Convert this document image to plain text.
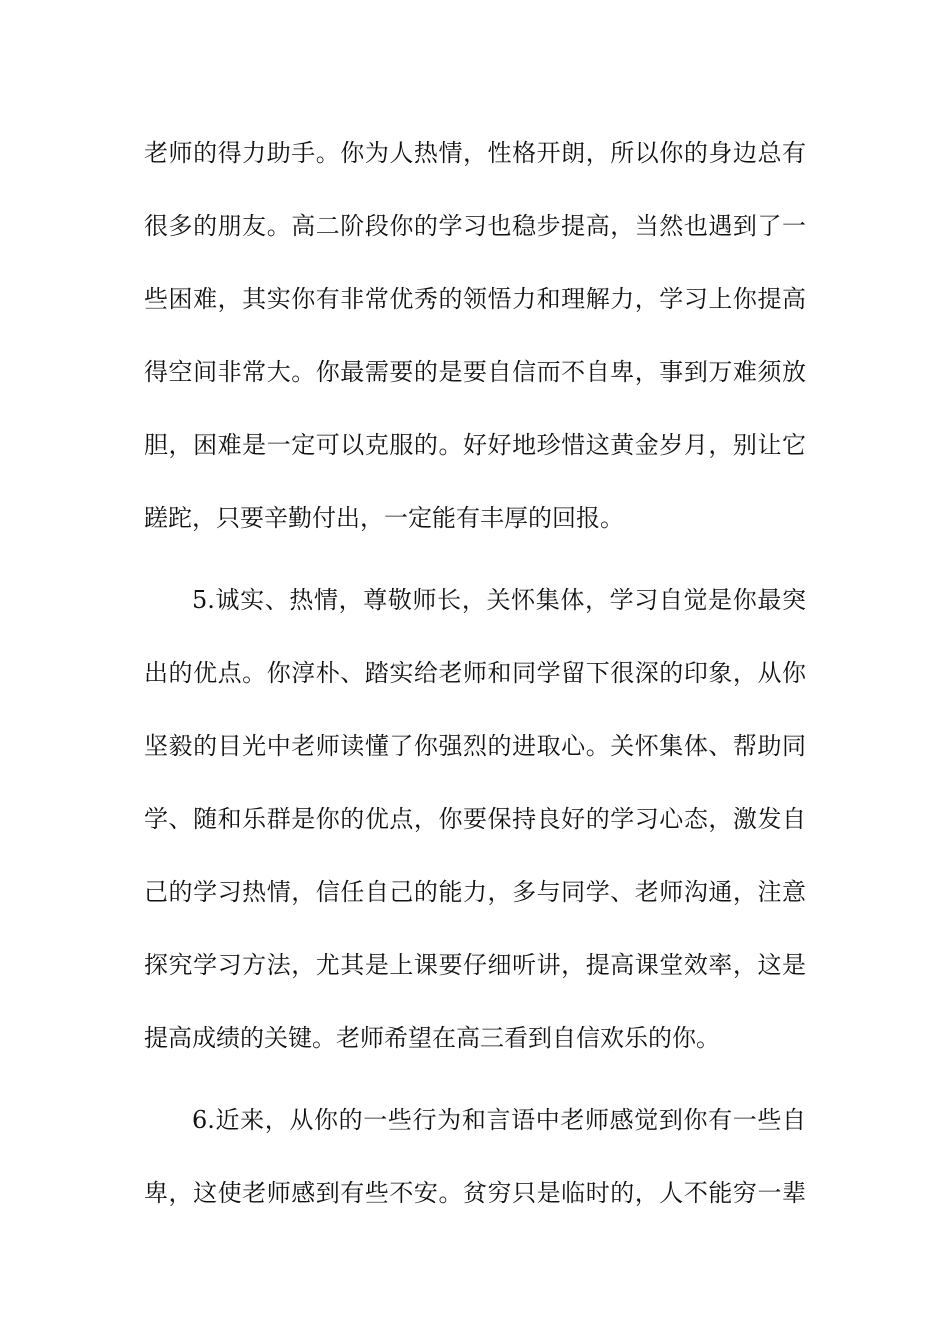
老师的得力助手。你为人热情，性格开朗，所以你的身边总有
很多的朋友。高二阶段你的学习也稳步提高，当然也遇到了一
些困难，其实你有非常优秀的领悟力和理解力，学习上你提高
得空间非常大。你最需要的是要自信而不自卑，事到万难须放
胆，困难是一定可以克服的。好好地珍惜这黄金岁月，别让它
蹉跎，只要辛勤付出，一定能有丰厚的回报。
5.诚实、热情，尊敬师长，关怀集体，学习自觉是你最突
出的优点。你淳朴、踏实给老师和同学留下很深的印象，从你
坚毅的目光中老师读懂了你强烈的进取心。关怀集体、帮助同
学、随和乐群是你的优点，你要保持良好的学习心态，激发自
己的学习热情，信任自己的能力，多与同学、老师沟通，注意
探究学习方法，尤其是上课要仔细听讲，提高课堂效率，这是
提高成绩的关键。老师希望在高三看到自信欢乐的你。
6.近来，从你的一些行为和言语中老师感觉到你有一些自
卑，这使老师感到有些不安。贫穷只是临时的，人不能穷一辈
